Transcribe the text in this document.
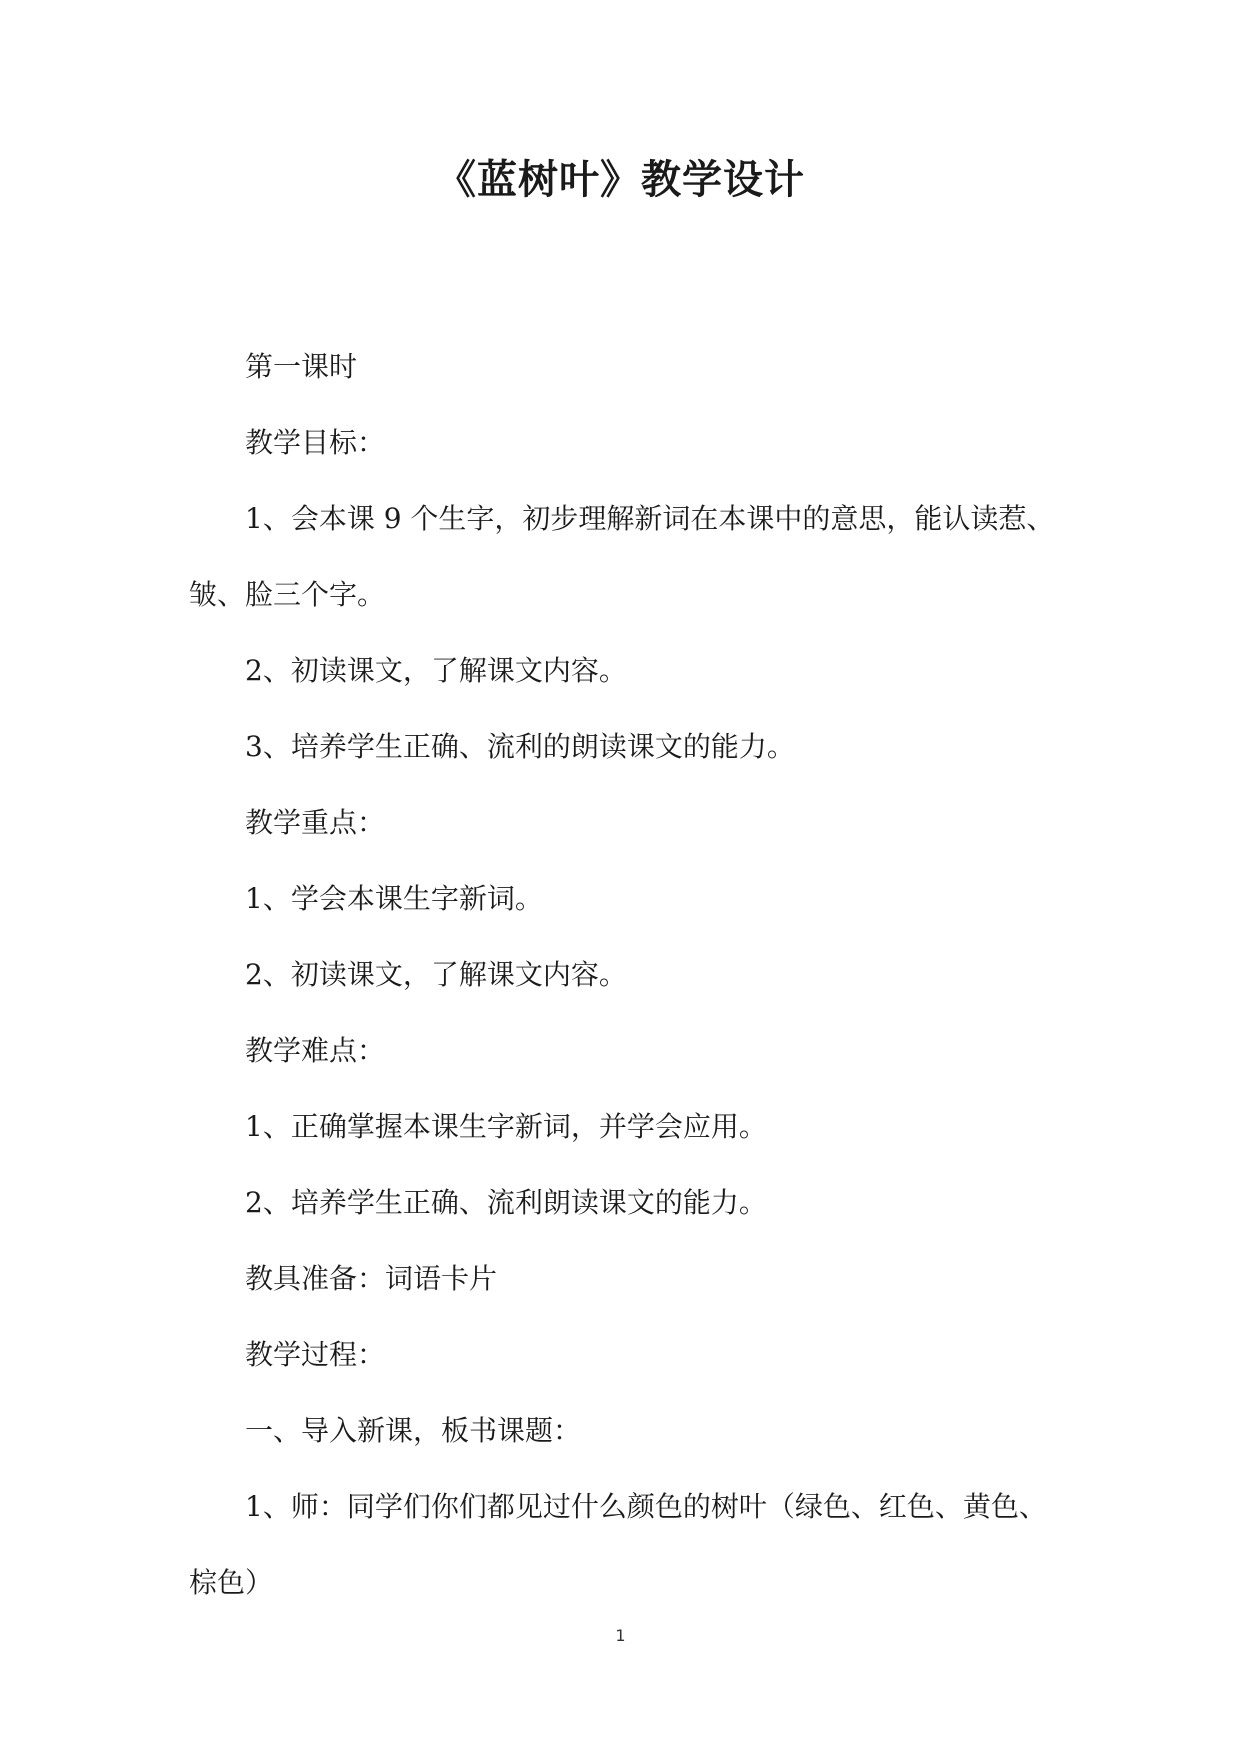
《蓝树叶》教学设计

第一课时

教学目标：

1、会本课 9 个生字，初步理解新词在本课中的意思，能认读惹、皱、脸三个字。

2、初读课文，了解课文内容。

3、培养学生正确、流利的朗读课文的能力。

教学重点：

1、学会本课生字新词。

2、初读课文，了解课文内容。

教学难点：

1、正确掌握本课生字新词，并学会应用。

2、培养学生正确、流利朗读课文的能力。

教具准备：词语卡片

教学过程：

一、导入新课，板书课题：

1、师：同学们你们都见过什么颜色的树叶（绿色、红色、黄色、棕色）

1
